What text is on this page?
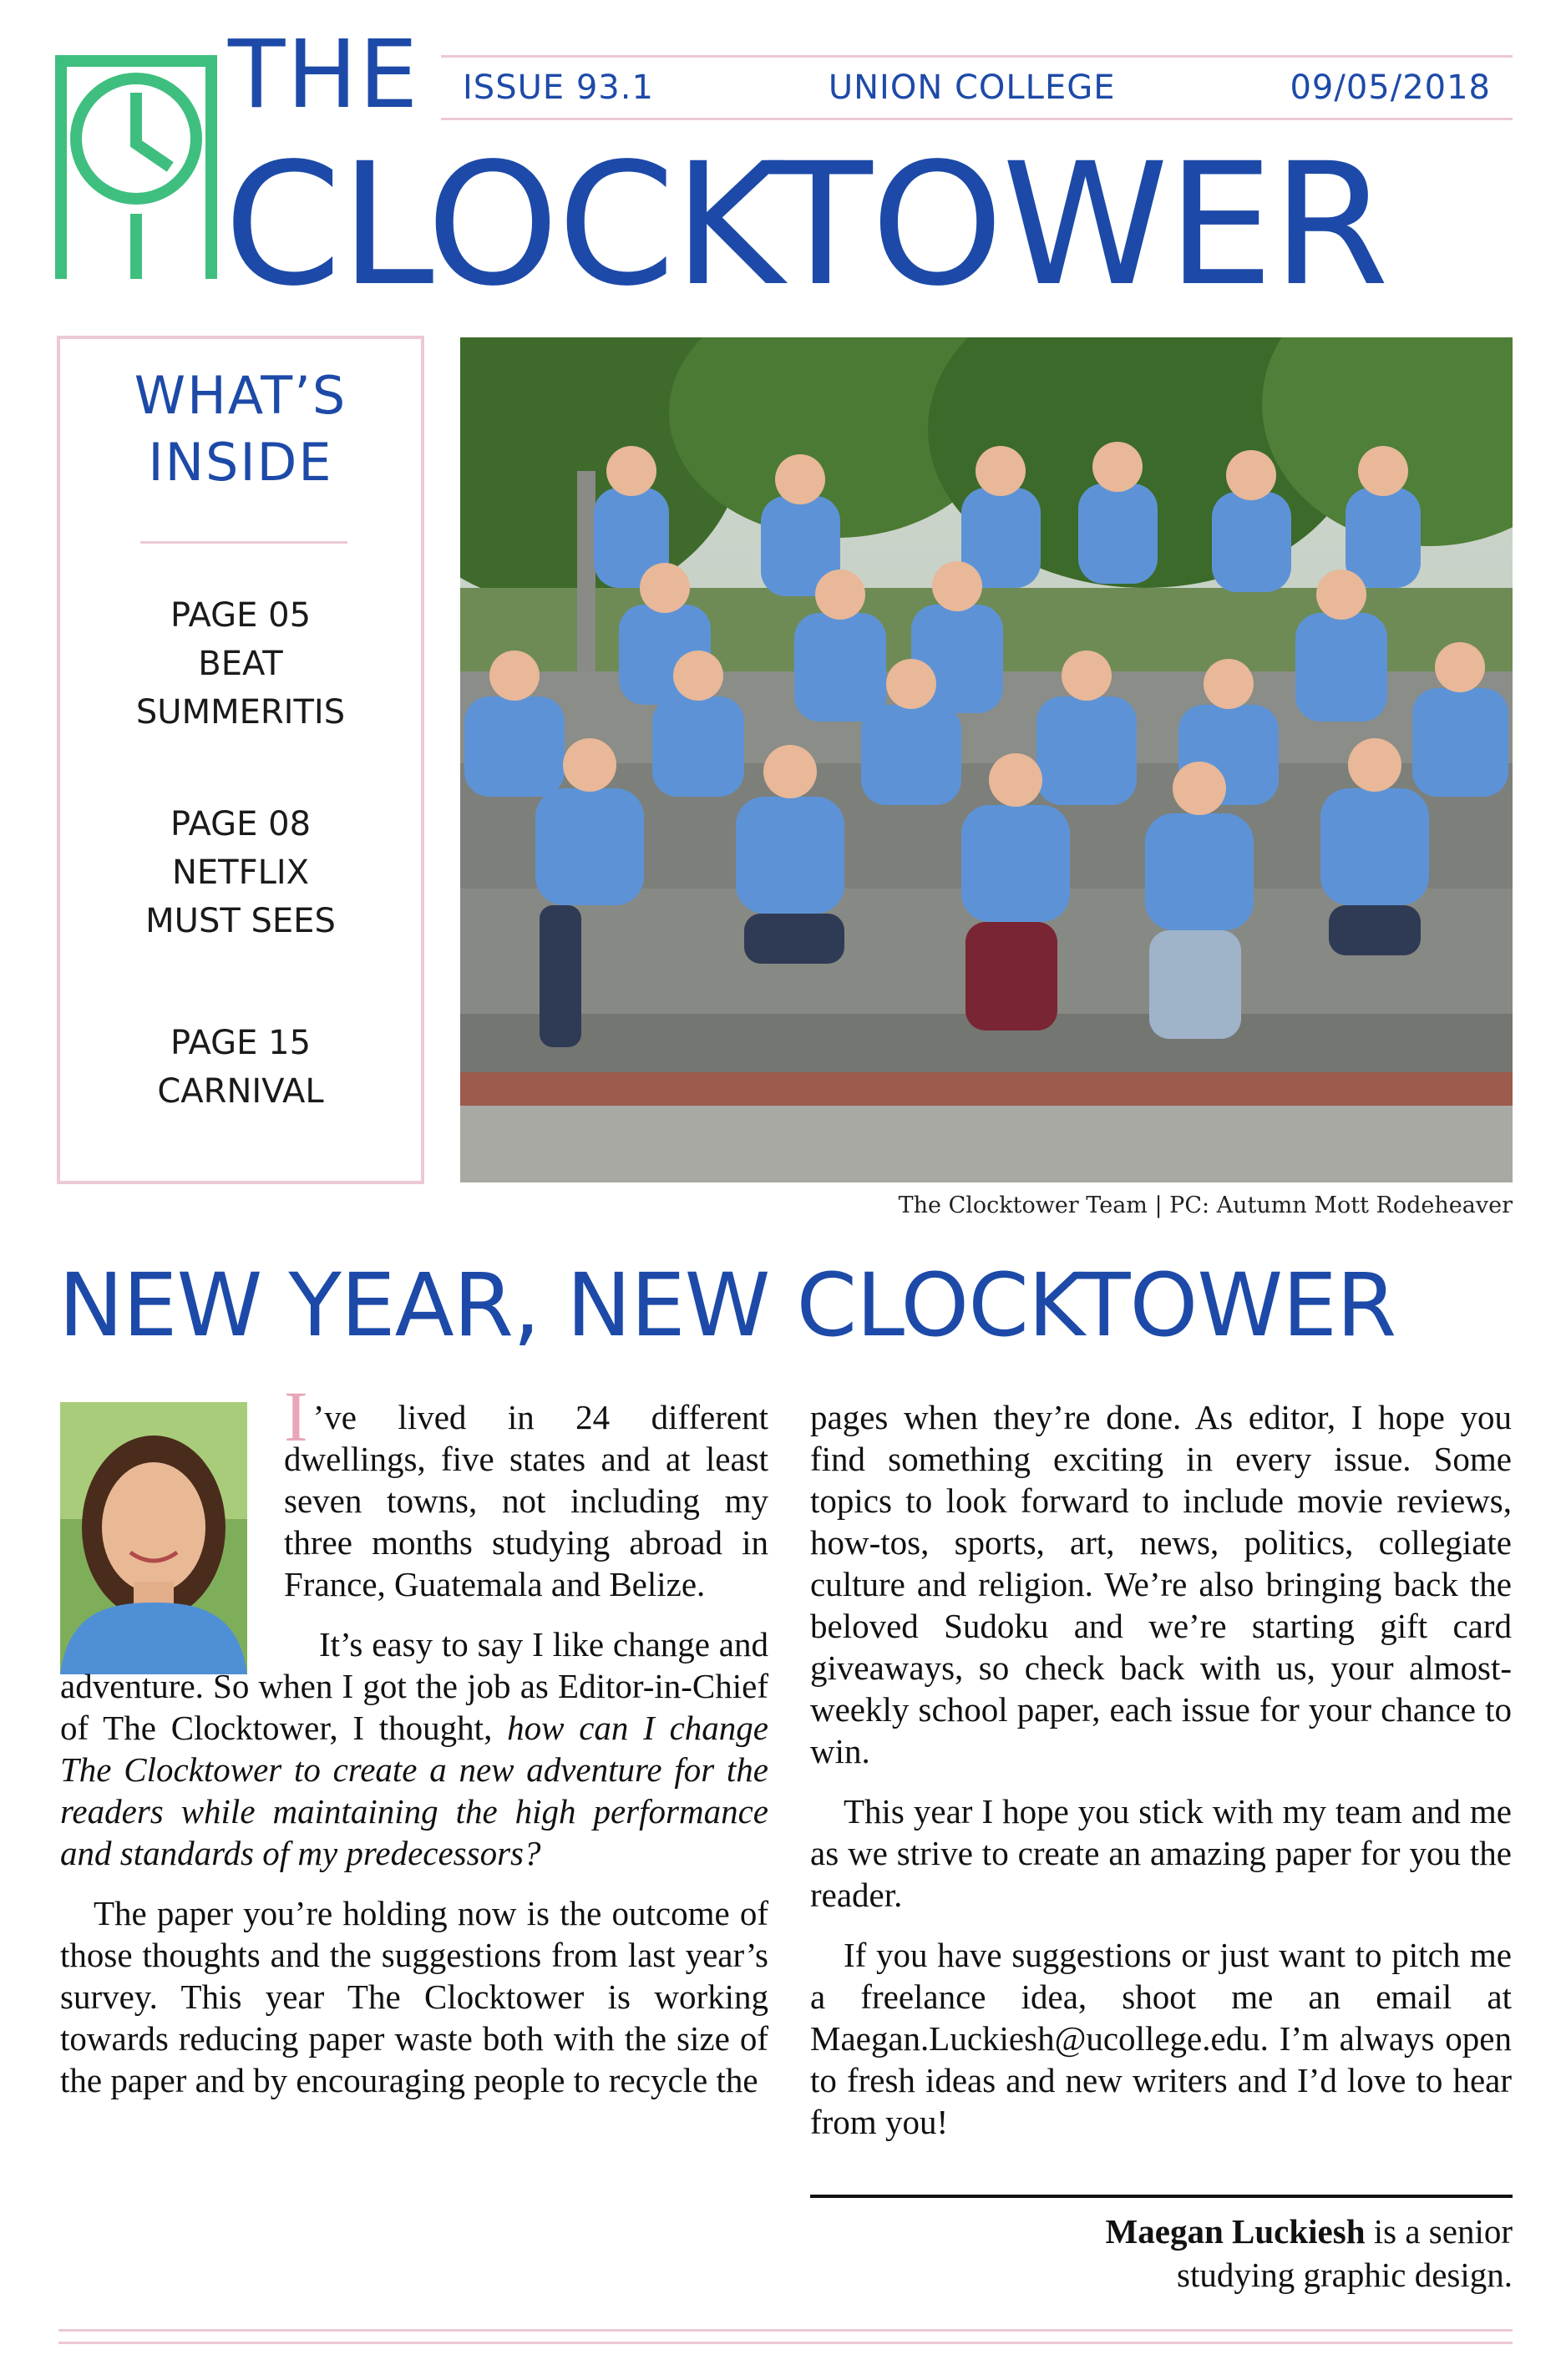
THE ISSUE 93.1	UNION COLLEGE	09/05/2018
CLOCKTOWER
WHAT’S
INSIDE
PAGE 05
BEAT
SUMMERITIS
PAGE 08
NETFLIX
MUST SEES
PAGE 15
CARNIVAL
The Clocktower Team | PC: Autumn Mott Rodeheaver
NEW YEAR, NEW CLOCKTOWER

I ’ve lived in 24 different dwellings, five states and at least seven towns, not including my three months studying abroad in France, Guatemala and Belize.

It’s easy to say I like change and adventure. So when I got the job as Editor-in-Chief of The Clocktower, I thought, how can I change The Clocktower to create a new adventure for the readers while maintaining the high performance and standards of my predecessors?

The paper you’re holding now is the outcome of those thoughts and the suggestions from last year’s survey. This year The Clocktower is working towards reducing paper waste both with the size of the paper and by encouraging people to recycle the

pages when they’re done. As editor, I hope you find something exciting in every issue. Some topics to look forward to include movie reviews, how-tos, sports, art, news, politics, collegiate culture and religion. We’re also bringing back the beloved Sudoku and we’re starting gift card giveaways, so check back with us, your almost-weekly school paper, each issue for your chance to win.

This year I hope you stick with my team and me as we strive to create an amazing paper for you the reader.

If you have suggestions or just want to pitch me a freelance idea, shoot me an email at Maegan.Luckiesh@ucollege.edu. I’m always open to fresh ideas and new writers and I’d love to hear from you!

Maegan Luckiesh is a senior
studying graphic design.
